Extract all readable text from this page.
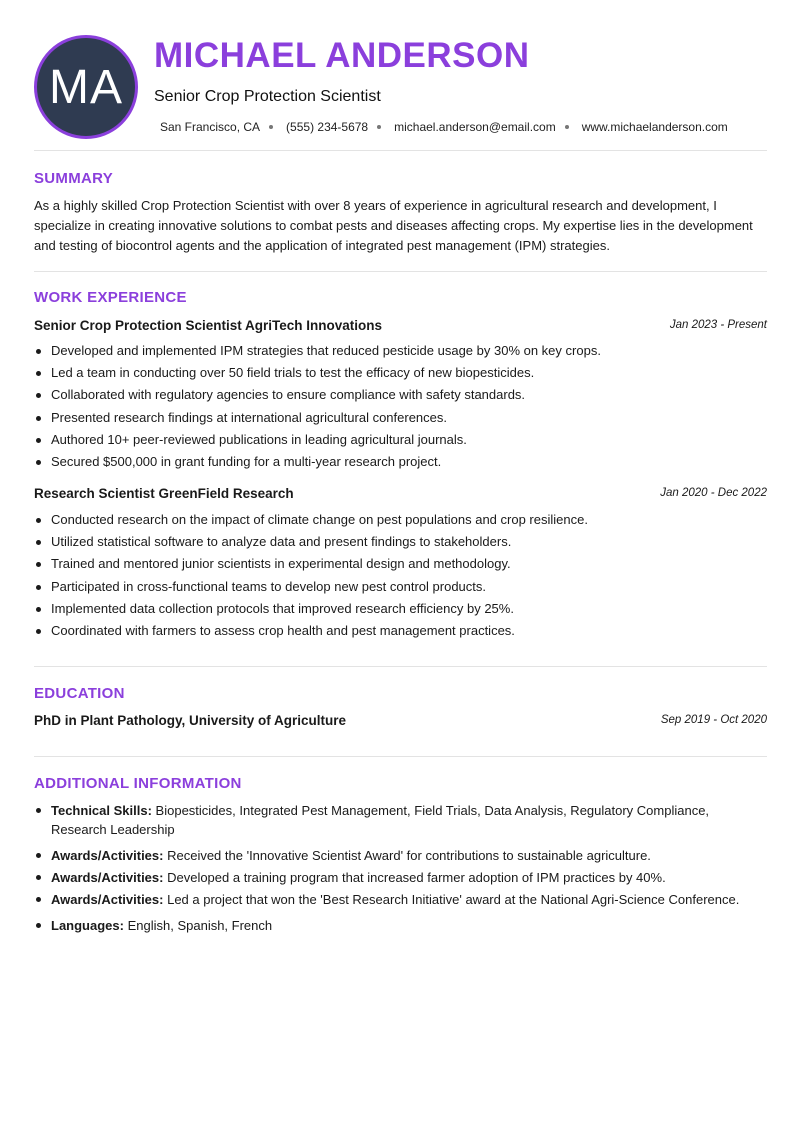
MA
MICHAEL ANDERSON
Senior Crop Protection Scientist
San Francisco, CA (555) 234-5678 michael.anderson@email.com www.michaelanderson.com
SUMMARY
As a highly skilled Crop Protection Scientist with over 8 years of experience in agricultural research and development, I specialize in creating innovative solutions to combat pests and diseases affecting crops. My expertise lies in the development and testing of biocontrol agents and the application of integrated pest management (IPM) strategies.
WORK EXPERIENCE
Senior Crop Protection Scientist AgriTech Innovations	Jan 2023 - Present
Developed and implemented IPM strategies that reduced pesticide usage by 30% on key crops.
Led a team in conducting over 50 field trials to test the efficacy of new biopesticides.
Collaborated with regulatory agencies to ensure compliance with safety standards.
Presented research findings at international agricultural conferences.
Authored 10+ peer-reviewed publications in leading agricultural journals.
Secured $500,000 in grant funding for a multi-year research project.
Research Scientist GreenField Research	Jan 2020 - Dec 2022
Conducted research on the impact of climate change on pest populations and crop resilience.
Utilized statistical software to analyze data and present findings to stakeholders.
Trained and mentored junior scientists in experimental design and methodology.
Participated in cross-functional teams to develop new pest control products.
Implemented data collection protocols that improved research efficiency by 25%.
Coordinated with farmers to assess crop health and pest management practices.
EDUCATION
PhD in Plant Pathology, University of Agriculture	Sep 2019 - Oct 2020
ADDITIONAL INFORMATION
Technical Skills: Biopesticides, Integrated Pest Management, Field Trials, Data Analysis, Regulatory Compliance, Research Leadership
Awards/Activities: Received the 'Innovative Scientist Award' for contributions to sustainable agriculture.
Awards/Activities: Developed a training program that increased farmer adoption of IPM practices by 40%.
Awards/Activities: Led a project that won the 'Best Research Initiative' award at the National Agri-Science Conference.
Languages: English, Spanish, French
